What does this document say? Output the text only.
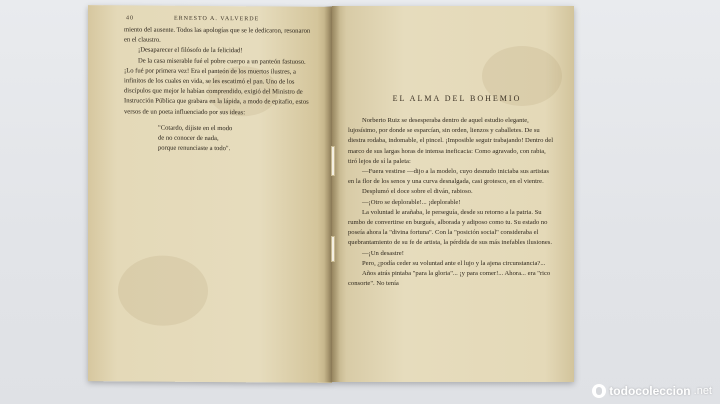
40	ERNESTO A. VALVERDE

miento del ausente. Todos las apologías que se le dedicaron, resonaron en el claustro.

¡Desaparecer el filósofo de la felicidad!

De la casa miserable fué el pobre cuerpo a un panteón fastuoso. ¡Lo fué por primera vez! Era el panteón de los muertos ilustres, a infinitos de los cuales en vida, se les escatimó el pan. Uno de los discípulos que mejor le habían comprendido, exigió del Ministro de Instrucción Pública que grabara en la lápida, a modo de epitafio, estos versos de un poeta influenciado por sus ideas:

"Cotardo, dijiste en el modo
de no conocer de nada,
porque renunciaste a todo".
EL ALMA DEL BOHEMIO

Norberto Ruiz se desesperaba dentro de aquel estudio elegante, lujosísimo, por donde se esparcían, sin orden, lienzos y caballetes. De su diestra rodaba, indomable, el pincel. ¡Imposible seguir trabajando! Dentro del marco de sus largas horas de intensa ineficacia: Como agravado, con rabia, tiró lejos de sí la paleta:

—Fuera vestirse —dijo a la modelo, cuyo desnudo iniciaba sus artistas en la flor de los senos y una curva desnalgada, casi grotesco, en el vientre.

Desplumó el doce sobre el diván, rabioso.

—¡Otro se deplorable!... ¡deplorable!

La voluntad le arañaba, le perseguía, desde su retorno a la patria. Su rumbo de convertirse en burgués, alborada y adiposo como tu. Su estado no poseía ahora la "divina fortuna". Con la "posición social" consideraba el quebrantamiento de su fe de artista, la pérdida de sus más inefables ilusiones.

—¡Un desastre!

Pero, ¿podía ceder su voluntad ante el lujo y la ajena circunstancia?...

Años atrás pintaba "para la gloria"... ¡y para comer!... Ahora... era "rico consorte". No tenía

todocoleccion .net
